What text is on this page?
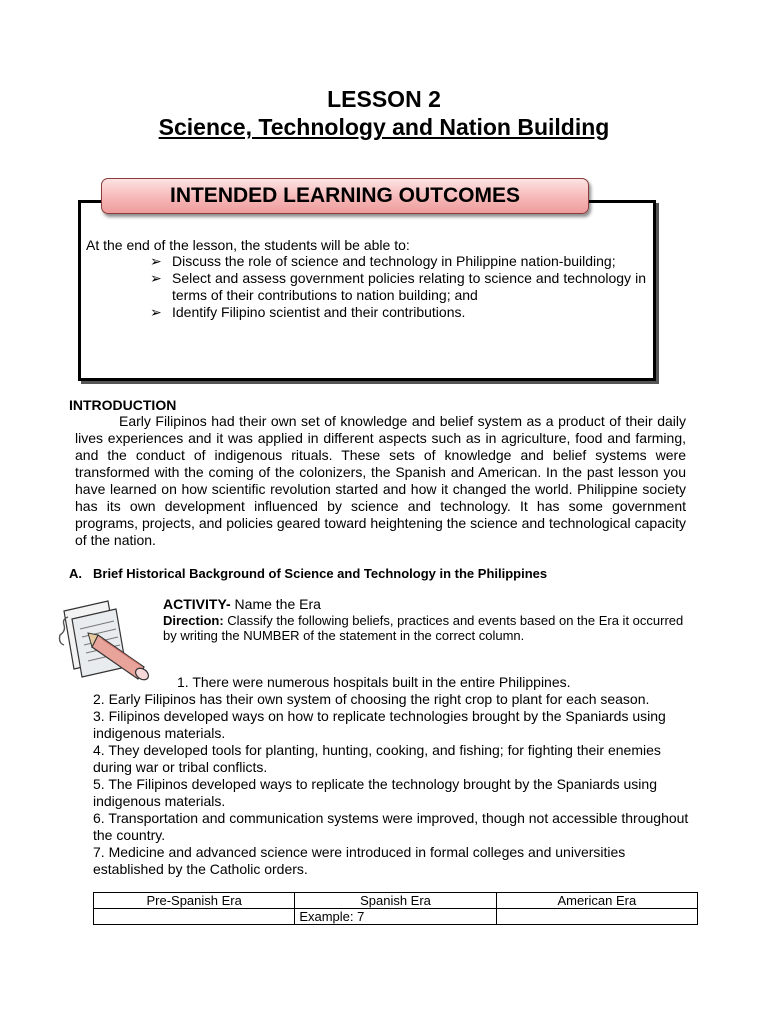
LESSON 2
Science, Technology and Nation Building
INTENDED LEARNING OUTCOMES
At the end of the lesson, the students will be able to:
➢ Discuss the role of science and technology in Philippine nation-building;
➢ Select and assess government policies relating to science and technology in terms of their contributions to nation building; and
➢ Identify Filipino scientist and their contributions.
INTRODUCTION

Early Filipinos had their own set of knowledge and belief system as a product of their daily lives experiences and it was applied in different aspects such as in agriculture, food and farming, and the conduct of indigenous rituals. These sets of knowledge and belief systems were transformed with the coming of the colonizers, the Spanish and American. In the past lesson you have learned on how scientific revolution started and how it changed the world. Philippine society has its own development influenced by science and technology. It has some government programs, projects, and policies geared toward heightening the science and technological capacity of the nation.

A. Brief Historical Background of Science and Technology in the Philippines
ACTIVITY- Name the Era

Direction: Classify the following beliefs, practices and events based on the Era it occurred by writing the NUMBER of the statement in the correct column.

1. There were numerous hospitals built in the entire Philippines.

2. Early Filipinos has their own system of choosing the right crop to plant for each season.

3. Filipinos developed ways on how to replicate technologies brought by the Spaniards using indigenous materials.

4. They developed tools for planting, hunting, cooking, and fishing; for fighting their enemies during war or tribal conflicts.

5. The Filipinos developed ways to replicate the technology brought by the Spaniards using indigenous materials.

6. Transportation and communication systems were improved, though not accessible throughout the country.

7. Medicine and advanced science were introduced in formal colleges and universities established by the Catholic orders.

Pre-Spanish Era	Spanish Era	American Era
	Example: 7	
